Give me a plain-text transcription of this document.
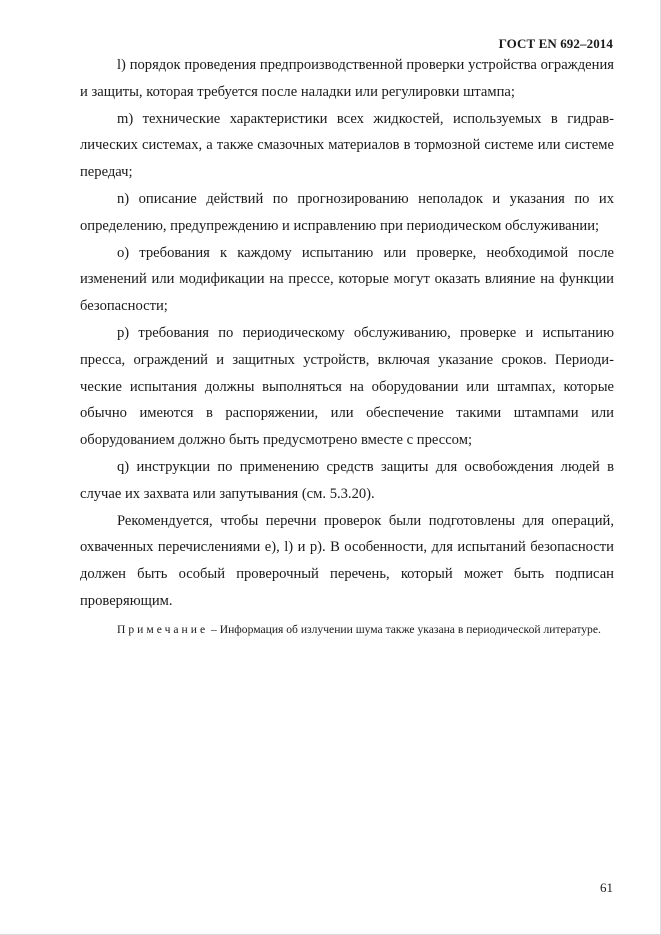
ГОСТ EN 692–2014

l) порядок проведения предпроизводственной проверки устройства ограждения и защиты, которая требуется после наладки или регулировки штампа;

m) технические характеристики всех жидкостей, используемых в гидравлических системах, а также смазочных материалов в тормозной системе или системе передач;

n) описание действий по прогнозированию неполадок и указания по их определению, предупреждению и исправлению при периодическом обслуживании;

o) требования к каждому испытанию или проверке, необходимой после изменений или модификации на прессе, которые могут оказать влияние на функции безопасности;

p) требования по периодическому обслуживанию, проверке и испытанию пресса, ограждений и защитных устройств, включая указание сроков. Периодические испытания должны выполняться на оборудовании или штампах, которые обычно имеются в распоряжении, или обеспечение такими штампами или оборудованием должно быть предусмотрено вместе с прессом;

q) инструкции по применению средств защиты для освобождения людей в случае их захвата или запутывания (см. 5.3.20).

Рекомендуется, чтобы перечни проверок были подготовлены для операций, охваченных перечислениями e), l) и p). В особенности, для испытаний безопасности должен быть особый проверочный перечень, который может быть подписан проверяющим.

Примечание – Информация об излучении шума также указана в периодической литературе.

61
